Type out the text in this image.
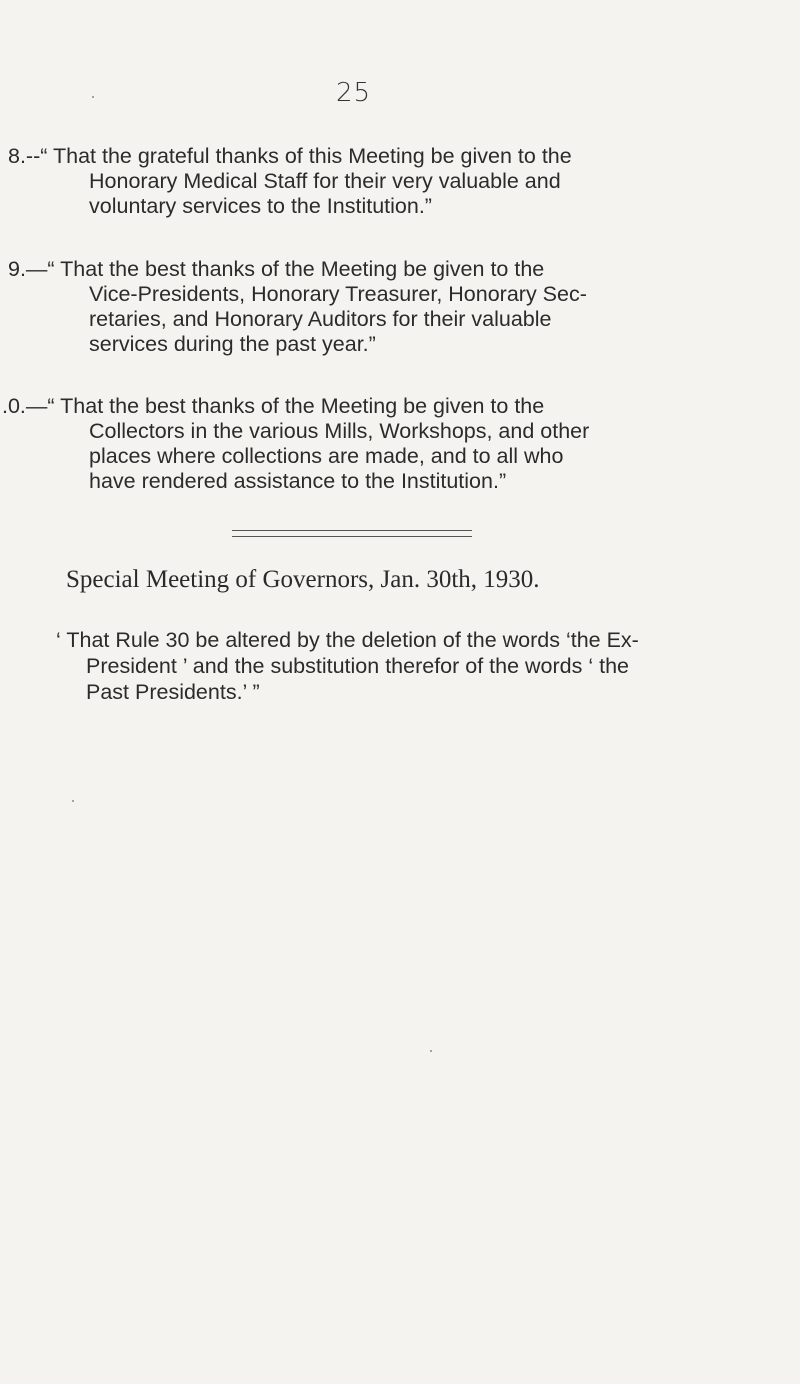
25
8.--“ That the grateful thanks of this Meeting be given to the
Honorary Medical Staff for their very valuable and
voluntary services to the Institution.”
9.—“ That the best thanks of the Meeting be given to the
Vice-Presidents, Honorary Treasurer, Honorary Sec-
retaries, and Honorary Auditors for their valuable
services during the past year.”
.0.—“ That the best thanks of the Meeting be given to the
Collectors in the various Mills, Workshops, and other
places where collections are made, and to all who
have rendered assistance to the Institution.”
Special Meeting of Governors, Jan. 30th, 1930.
‘ That Rule 30 be altered by the deletion of the words ‘the Ex-
President ’ and the substitution therefor of the words ‘ the
Past Presidents.’ ”
